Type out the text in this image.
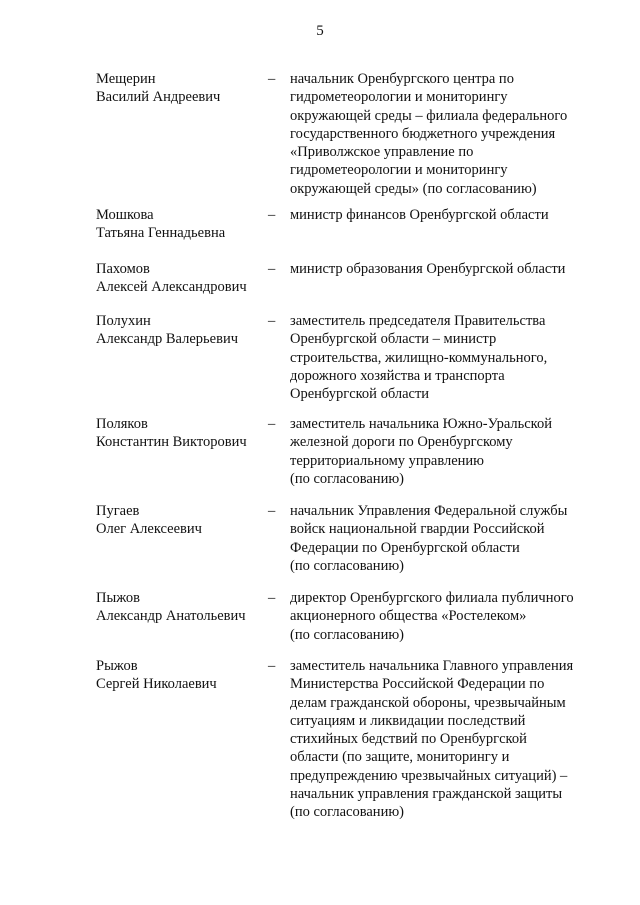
5
Мещерин
Василий Андреевич
– начальник Оренбургского центра по
гидрометеорологии и мониторингу
окружающей среды – филиала федерального
государственного бюджетного учреждения
«Приволжское управление по
гидрометеорологии и мониторингу
окружающей среды» (по согласованию)
Мошкова
Татьяна Геннадьевна
– министр финансов Оренбургской области
Пахомов
Алексей Александрович
– министр образования Оренбургской области
Полухин
Александр Валерьевич
– заместитель председателя Правительства
Оренбургской области – министр
строительства, жилищно-коммунального,
дорожного хозяйства и транспорта
Оренбургской области
Поляков
Константин Викторович
– заместитель начальника Южно-Уральской
железной дороги по Оренбургскому
территориальному управлению
(по согласованию)
Пугаев
Олег Алексеевич
– начальник Управления Федеральной службы
войск национальной гвардии Российской
Федерации по Оренбургской области
(по согласованию)
Пыжов
Александр Анатольевич
– директор Оренбургского филиала публичного
акционерного общества «Ростелеком»
(по согласованию)
Рыжов
Сергей Николаевич
– заместитель начальника Главного управления
Министерства Российской Федерации по
делам гражданской обороны, чрезвычайным
ситуациям и ликвидации последствий
стихийных бедствий по Оренбургской
области (по защите, мониторингу и
предупреждению чрезвычайных ситуаций) –
начальник управления гражданской защиты
(по согласованию)
